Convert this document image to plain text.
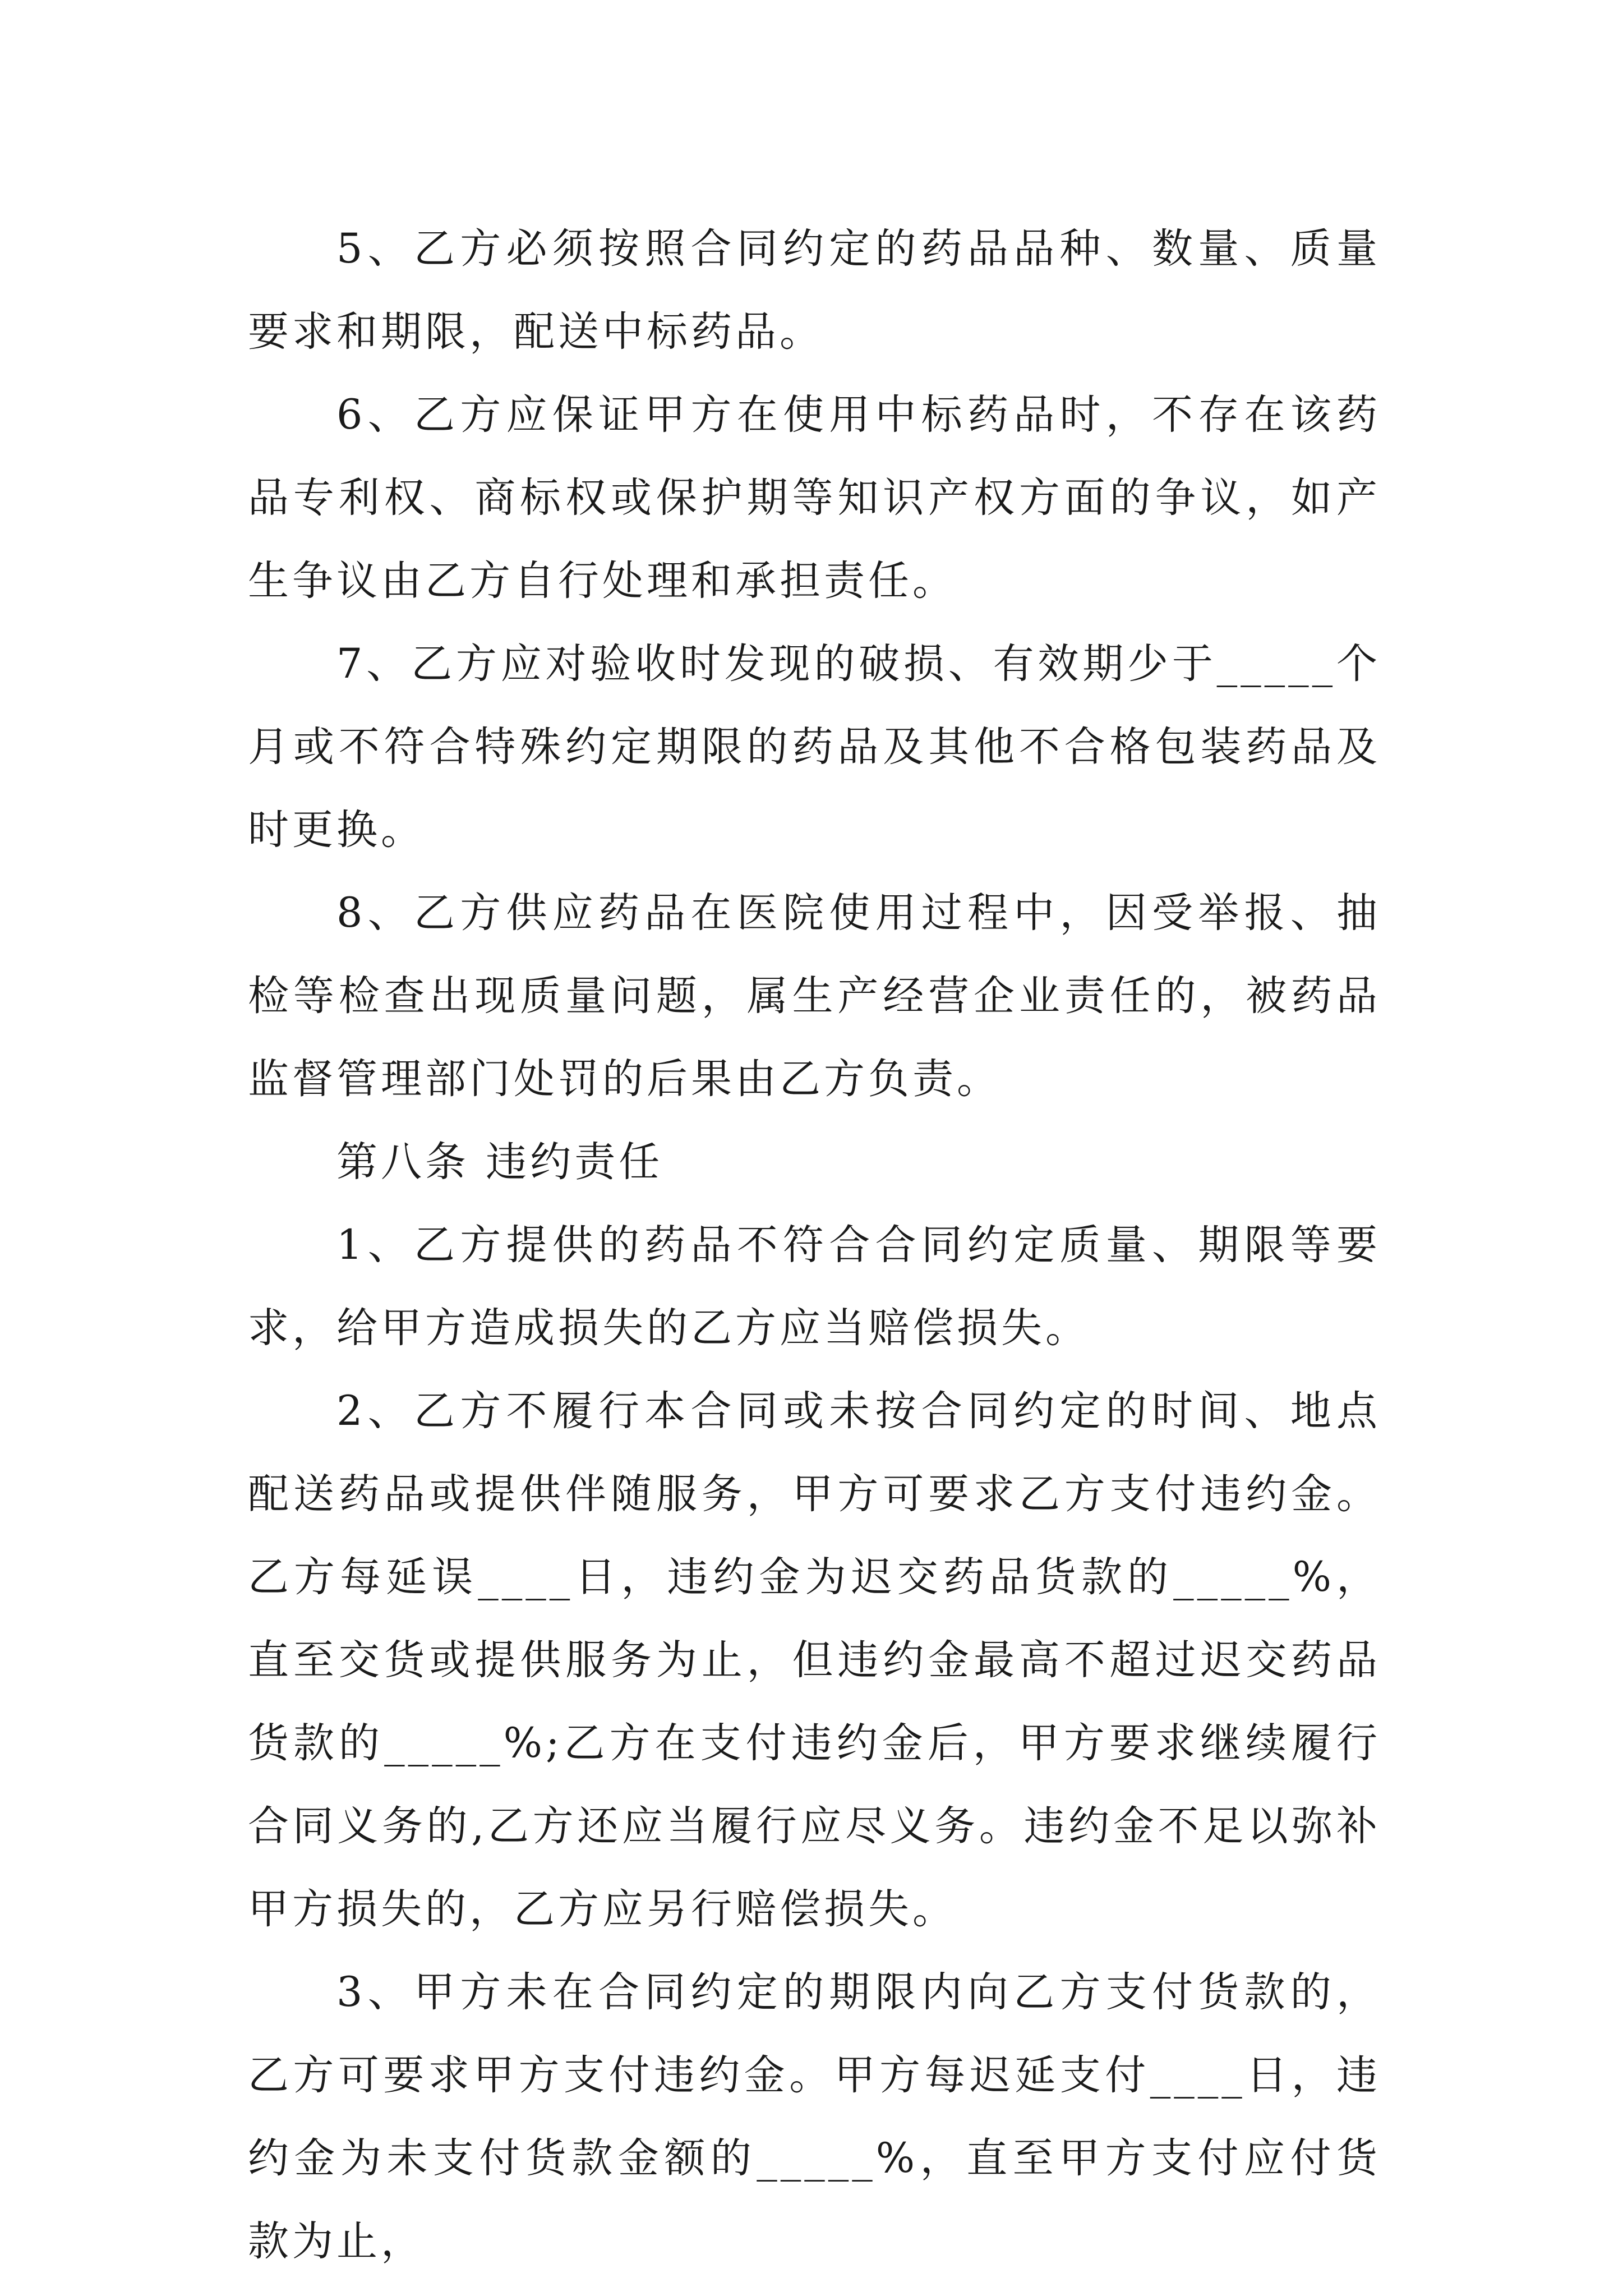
5、乙方必须按照合同约定的药品品种、数量、质量要求和期限，配送中标药品。

6、乙方应保证甲方在使用中标药品时，不存在该药品专利权、商标权或保护期等知识产权方面的争议，如产生争议由乙方自行处理和承担责任。

7、乙方应对验收时发现的破损、有效期少于_____个月或不符合特殊约定期限的药品及其他不合格包装药品及时更换。

8、乙方供应药品在医院使用过程中，因受举报、抽检等检查出现质量问题，属生产经营企业责任的，被药品监督管理部门处罚的后果由乙方负责。

第八条 违约责任

1、乙方提供的药品不符合合同约定质量、期限等要求，给甲方造成损失的乙方应当赔偿损失。

2、乙方不履行本合同或未按合同约定的时间、地点配送药品或提供伴随服务，甲方可要求乙方支付违约金。乙方每延误____日，违约金为迟交药品货款的_____%，直至交货或提供服务为止，但违约金最高不超过迟交药品货款的_____%;乙方在支付违约金后，甲方要求继续履行合同义务的,乙方还应当履行应尽义务。违约金不足以弥补甲方损失的，乙方应另行赔偿损失。

3、甲方未在合同约定的期限内向乙方支付货款的，乙方可要求甲方支付违约金。甲方每迟延支付____日，违约金为未支付货款金额的_____%，直至甲方支付应付货款为止，
